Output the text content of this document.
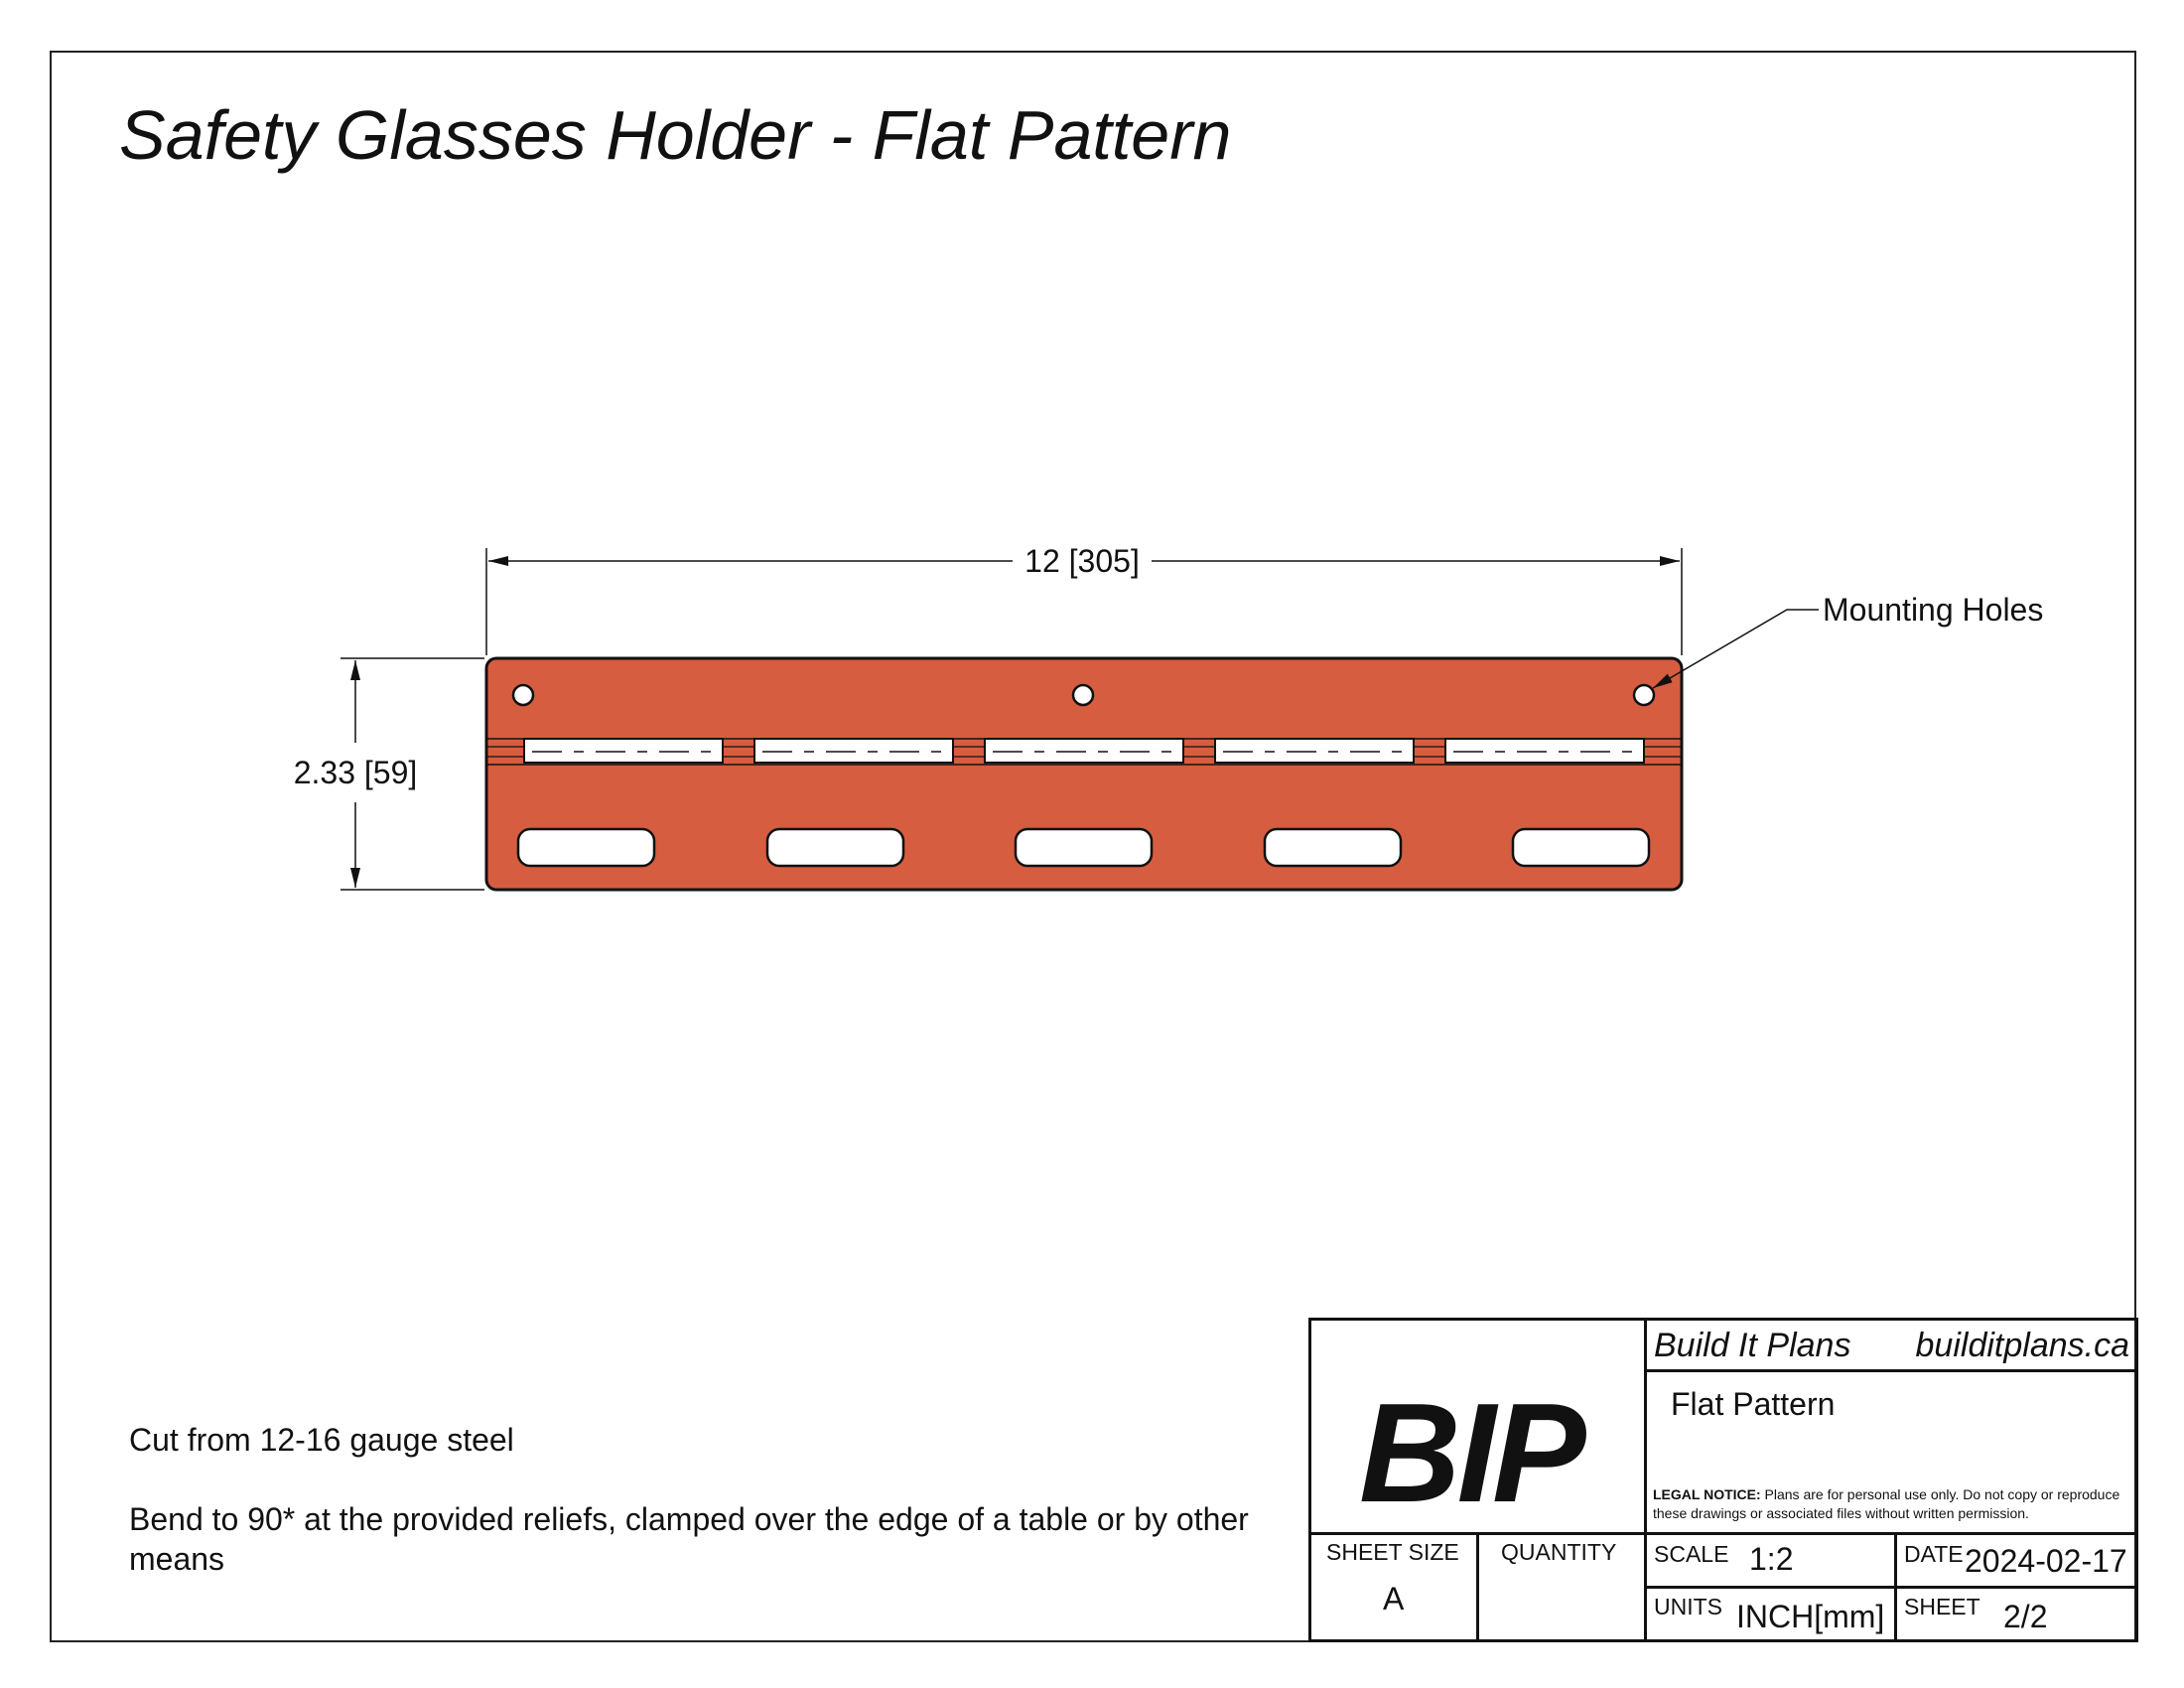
Safety Glasses Holder - Flat Pattern
12 [305]
2.33 [59]
Mounting Holes
Cut from 12-16 gauge steel
Bend to 90* at the provided reliefs, clamped over the edge of a table or by other means
BIP
Build It Plans builditplans.ca
Flat Pattern
LEGAL NOTICE: Plans are for personal use only. Do not copy or reproduce these drawings or associated files without written permission.
SHEET SIZE
A
QUANTITY SCALE 1:2	DATE 2024-02-17
UNITS INCH[mm] SHEET 2/2
